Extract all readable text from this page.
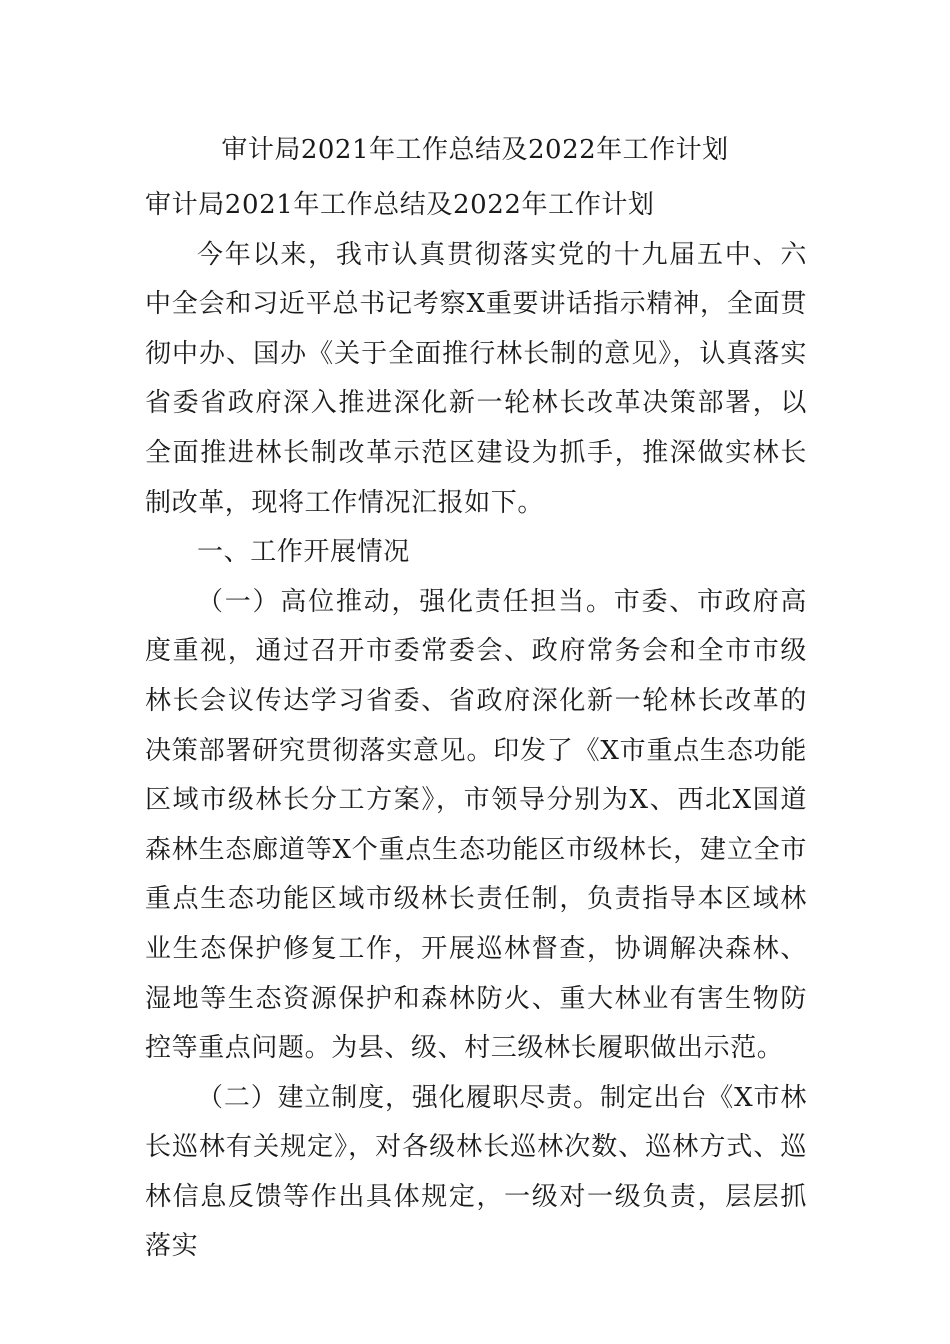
审计局2021年工作总结及2022年工作计划

审计局2021年工作总结及2022年工作计划

今年以来，我市认真贯彻落实党的十九届五中、六中全会和习近平总书记考察X重要讲话指示精神，全面贯彻中办、国办《关于全面推行林长制的意见》，认真落实省委省政府深入推进深化新一轮林长改革决策部署，以全面推进林长制改革示范区建设为抓手，推深做实林长制改革，现将工作情况汇报如下。

一、工作开展情况

（一）高位推动，强化责任担当。市委、市政府高度重视，通过召开市委常委会、政府常务会和全市市级林长会议传达学习省委、省政府深化新一轮林长改革的决策部署研究贯彻落实意见。印发了《X市重点生态功能区域市级林长分工方案》，市领导分别为X、西北X国道森林生态廊道等X个重点生态功能区市级林长，建立全市重点生态功能区域市级林长责任制，负责指导本区域林业生态保护修复工作，开展巡林督查，协调解决森林、湿地等生态资源保护和森林防火、重大林业有害生物防控等重点问题。为县、级、村三级林长履职做出示范。

（二）建立制度，强化履职尽责。制定出台《X市林长巡林有关规定》，对各级林长巡林次数、巡林方式、巡林信息反馈等作出具体规定，一级对一级负责，层层抓落实
